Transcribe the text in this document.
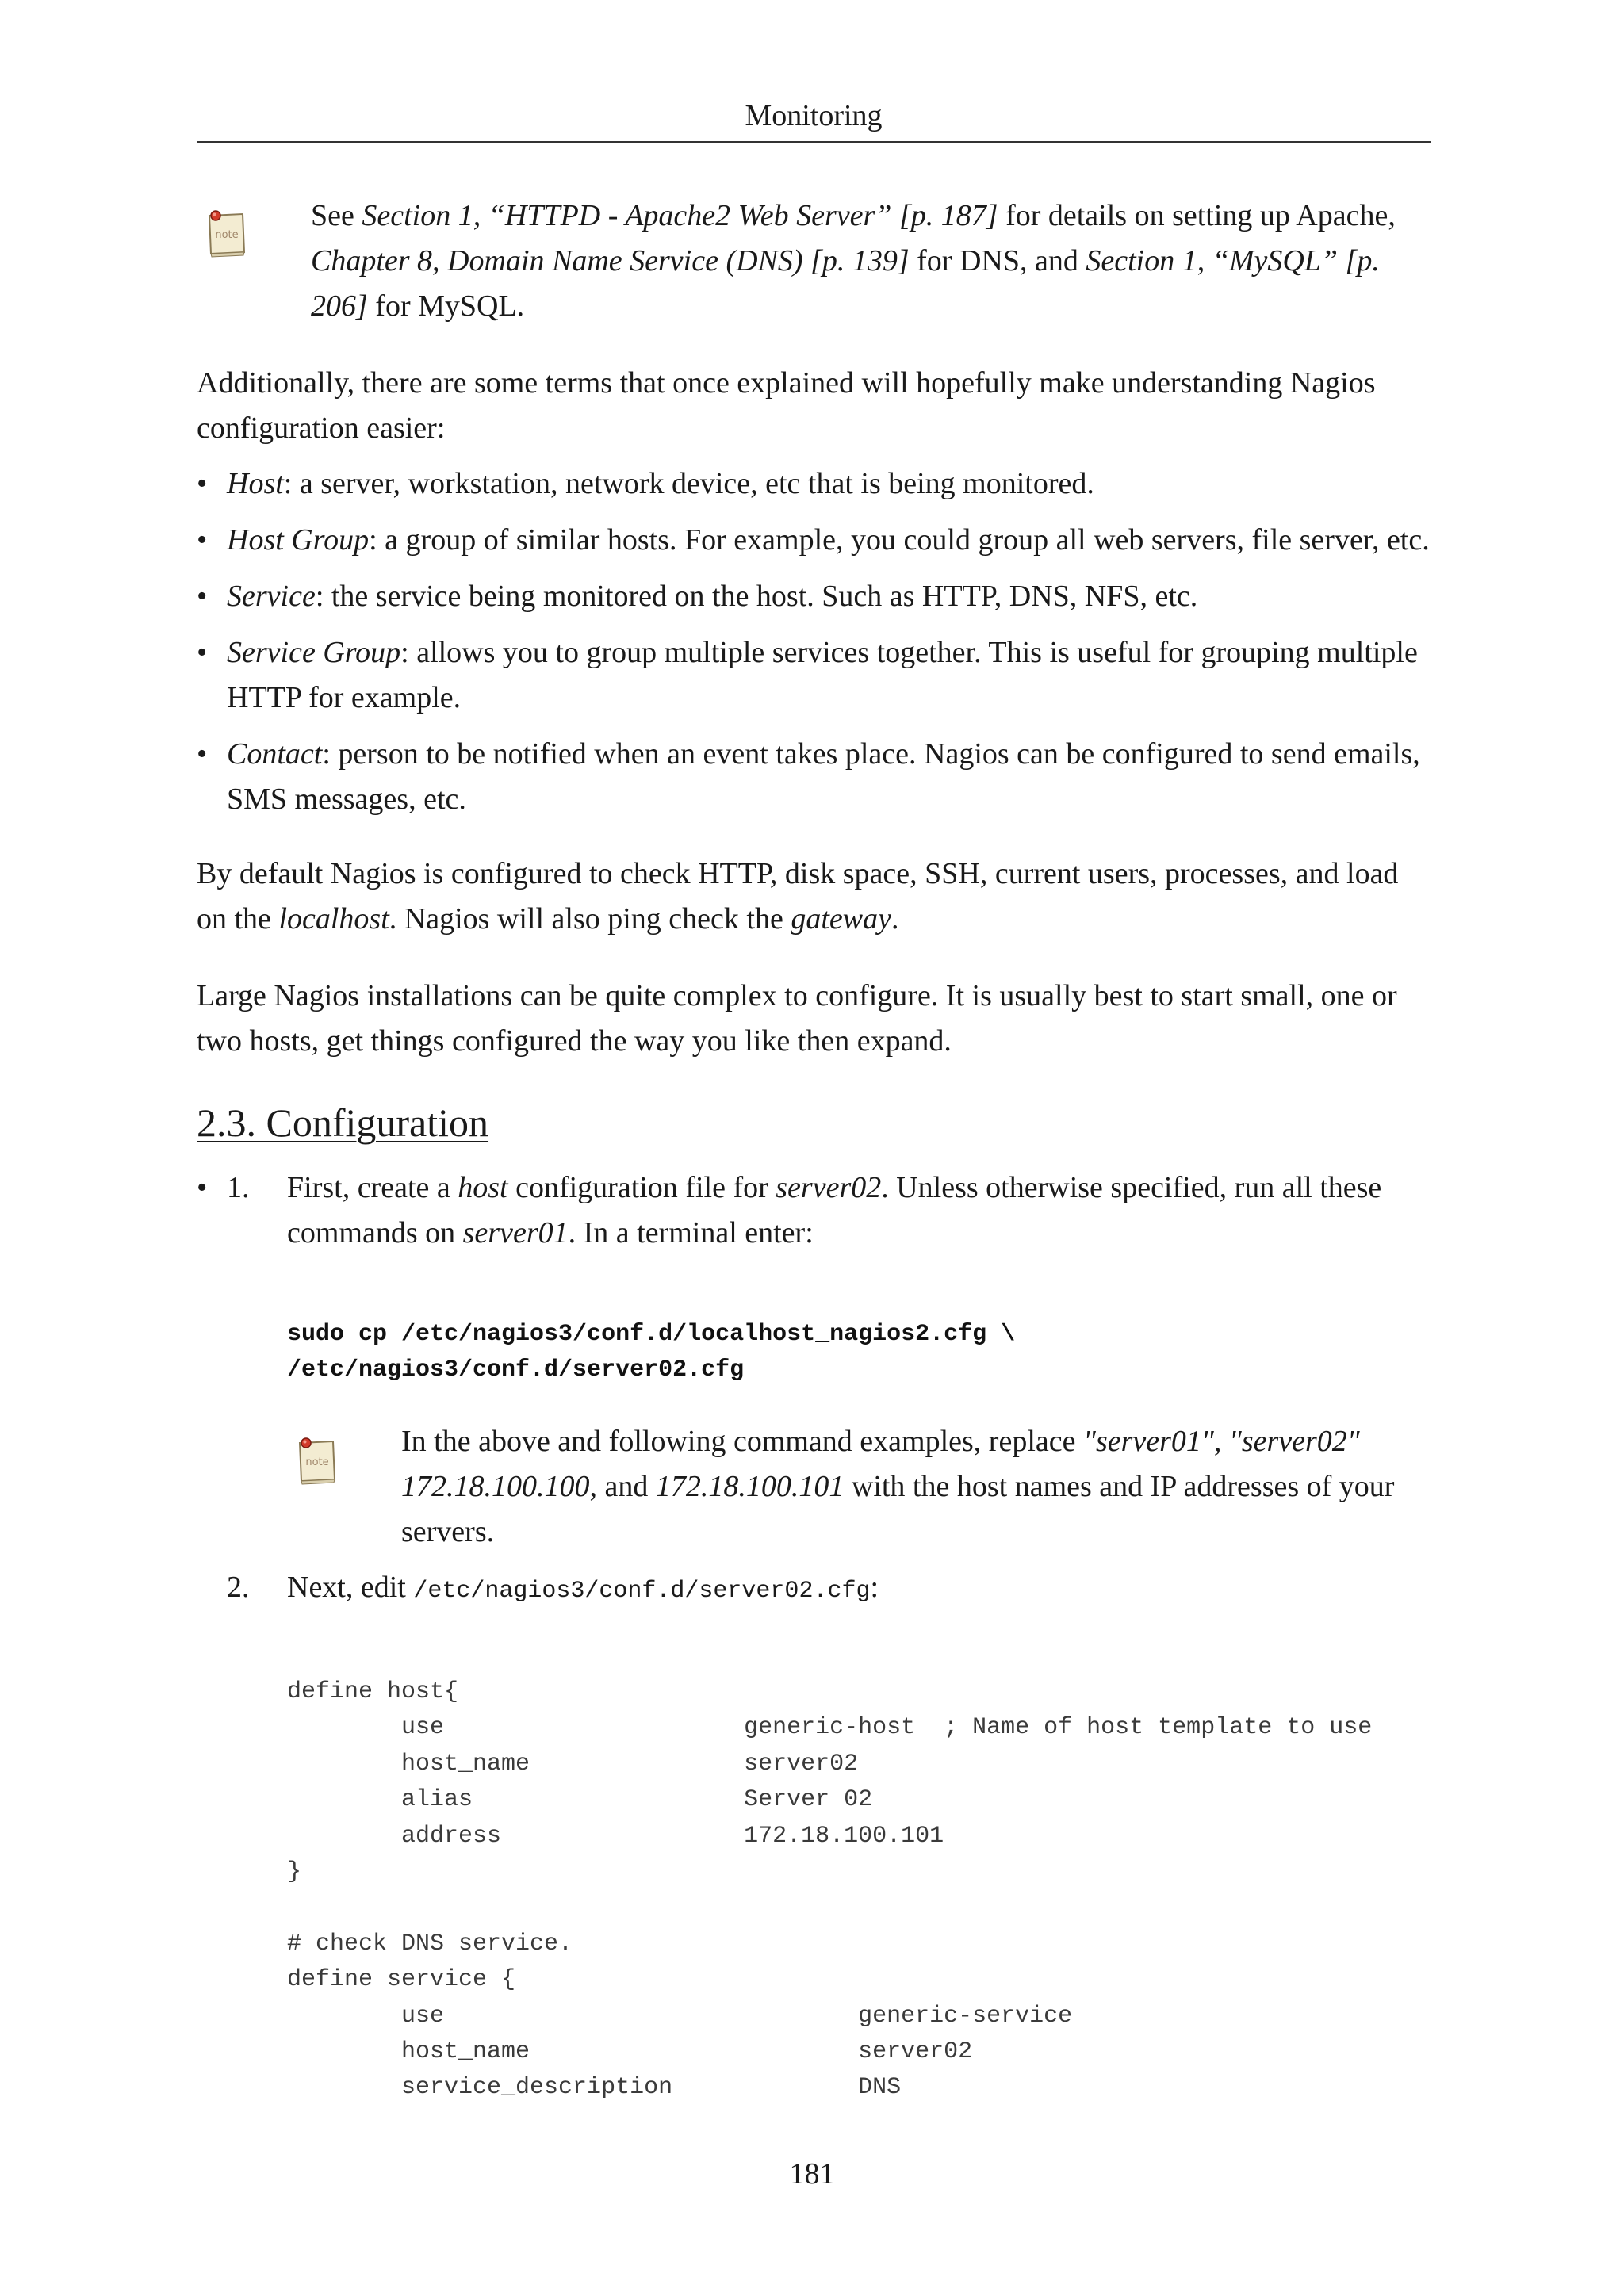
Monitoring
note

See Section 1, “HTTPD - Apache2 Web Server” [p. 187] for details on setting up Apache, Chapter 8, Domain Name Service (DNS) [p. 139] for DNS, and Section 1, “MySQL” [p. 206] for MySQL.

Additionally, there are some terms that once explained will hopefully make understanding Nagios configuration easier:

• Host: a server, workstation, network device, etc that is being monitored.
• Host Group: a group of similar hosts. For example, you could group all web servers, file server, etc.
• Service: the service being monitored on the host. Such as HTTP, DNS, NFS, etc.
• Service Group: allows you to group multiple services together. This is useful for grouping multiple HTTP for example.
• Contact: person to be notified when an event takes place. Nagios can be configured to send emails, SMS messages, etc.

By default Nagios is configured to check HTTP, disk space, SSH, current users, processes, and load on the localhost. Nagios will also ping check the gateway.

Large Nagios installations can be quite complex to configure. It is usually best to start small, one or two hosts, get things configured the way you like then expand.

2.3. Configuration
• 1. First, create a host configuration file for server02. Unless otherwise specified, run all these commands on server01. In a terminal enter:

sudo cp /etc/nagios3/conf.d/localhost_nagios2.cfg \
/etc/nagios3/conf.d/server02.cfg
note

In the above and following command examples, replace "server01", "server02" 172.18.100.100, and 172.18.100.101 with the host names and IP addresses of your servers.

2. Next, edit /etc/nagios3/conf.d/server02.cfg:

define host{
use                     generic-host  ; Name of host template to use
host_name               server02
alias                   Server 02
address                 172.18.100.101
}

# check DNS service.
define service {
use                             generic-service
host_name                       server02
service_description             DNS
181
